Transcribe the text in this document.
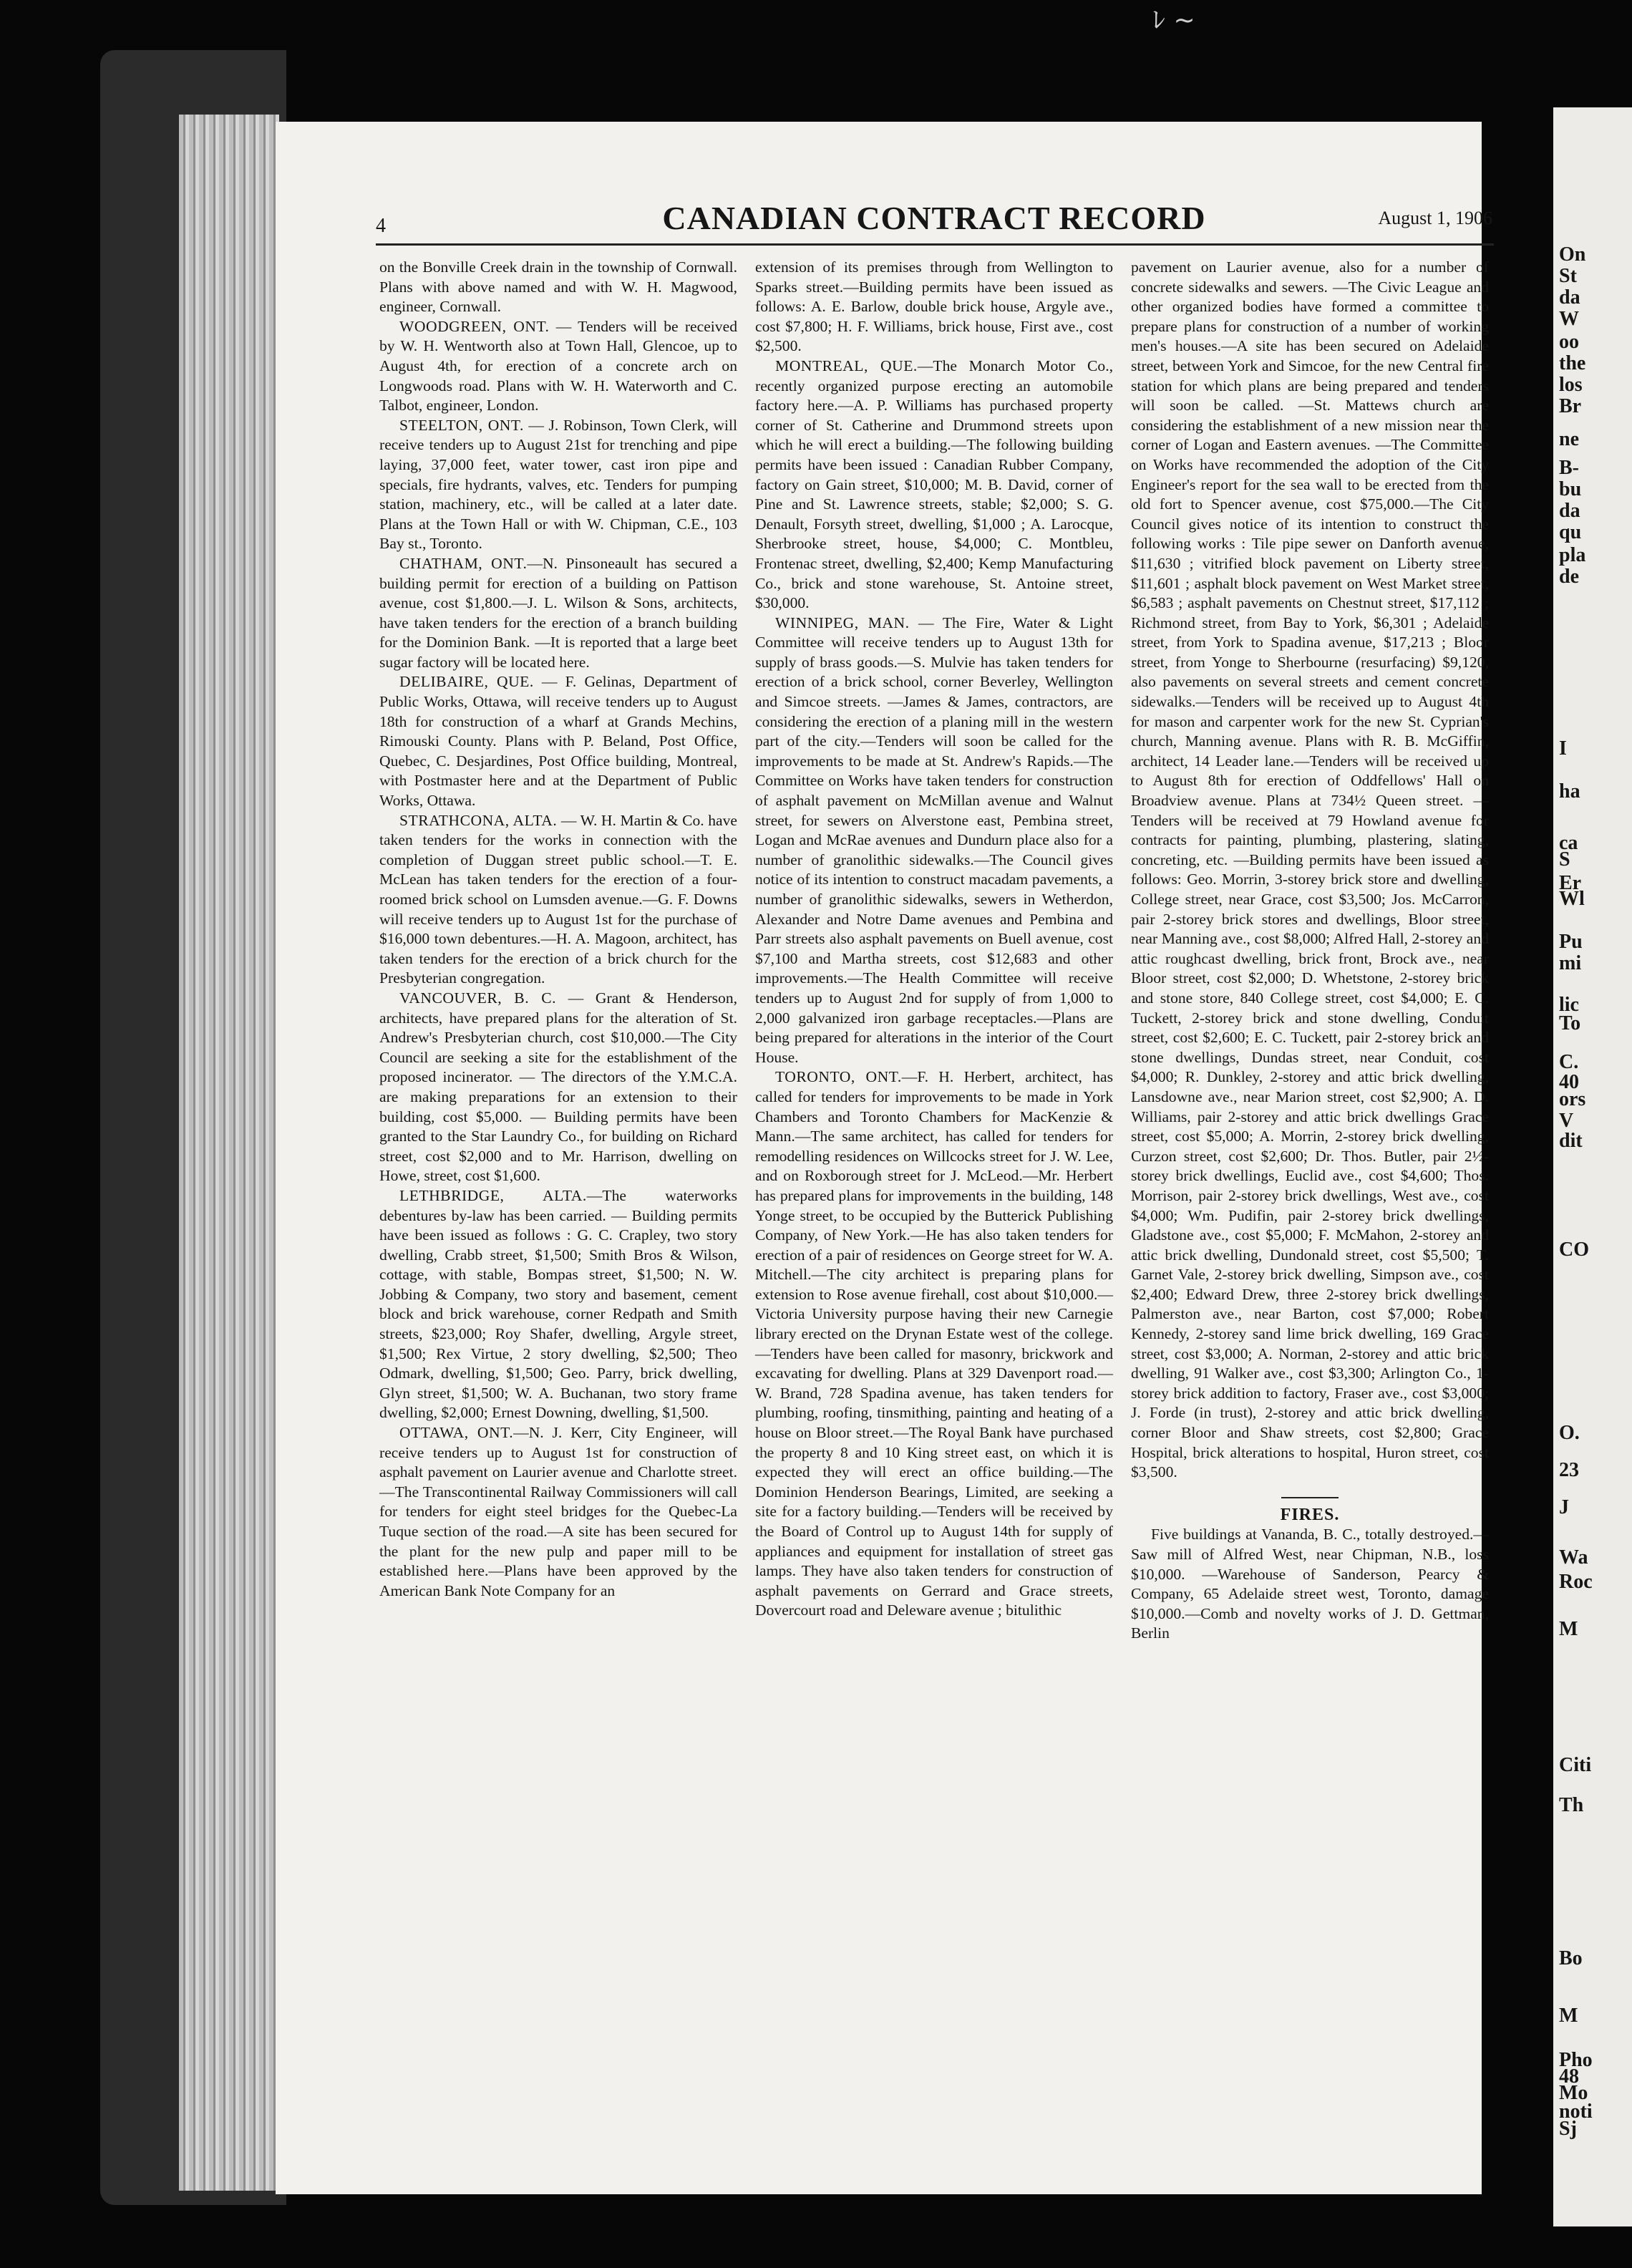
ﾚ ~
4	CANADIAN CONTRACT RECORD	August 1, 1906

on the Bonville Creek drain in the township of Cornwall. Plans with above named and with W. H. Magwood, engineer, Cornwall.

WOODGREEN, ONT. — Tenders will be received by W. H. Wentworth also at Town Hall, Glencoe, up to August 4th, for erection of a concrete arch on Longwoods road. Plans with W. H. Waterworth and C. Talbot, engineer, London.

STEELTON, ONT. — J. Robinson, Town Clerk, will receive tenders up to August 21st for trenching and pipe laying, 37,000 feet, water tower, cast iron pipe and specials, fire hydrants, valves, etc. Tenders for pumping station, machinery, etc., will be called at a later date. Plans at the Town Hall or with W. Chipman, C.E., 103 Bay st., Toronto.

CHATHAM, ONT.—N. Pinsoneault has secured a building permit for erection of a building on Pattison avenue, cost $1,800.—J. L. Wilson & Sons, architects, have taken tenders for the erection of a branch building for the Dominion Bank. —It is reported that a large beet sugar factory will be located here.

DELIBAIRE, QUE. — F. Gelinas, Department of Public Works, Ottawa, will receive tenders up to August 18th for construction of a wharf at Grands Mechins, Rimouski County. Plans with P. Beland, Post Office, Quebec, C. Desjardines, Post Office building, Montreal, with Postmaster here and at the Department of Public Works, Ottawa.

STRATHCONA, ALTA. — W. H. Martin & Co. have taken tenders for the works in connection with the completion of Duggan street public school.—T. E. McLean has taken tenders for the erection of a four-roomed brick school on Lumsden avenue.—G. F. Downs will receive tenders up to August 1st for the purchase of $16,000 town debentures.—H. A. Magoon, architect, has taken tenders for the erection of a brick church for the Presbyterian congregation.

VANCOUVER, B. C. — Grant & Henderson, architects, have prepared plans for the alteration of St. Andrew's Presbyterian church, cost $10,000.—The City Council are seeking a site for the establishment of the proposed incinerator. — The directors of the Y.M.C.A. are making preparations for an extension to their building, cost $5,000. — Building permits have been granted to the Star Laundry Co., for building on Richard street, cost $2,000 and to Mr. Harrison, dwelling on Howe, street, cost $1,600.

LETHBRIDGE, ALTA.—The waterworks debentures by-law has been carried. — Building permits have been issued as follows : G. C. Crapley, two story dwelling, Crabb street, $1,500; Smith Bros & Wilson, cottage, with stable, Bompas street, $1,500; N. W. Jobbing & Company, two story and basement, cement block and brick warehouse, corner Redpath and Smith streets, $23,000; Roy Shafer, dwelling, Argyle street, $1,500; Rex Virtue, 2 story dwelling, $2,500; Theo Odmark, dwelling, $1,500; Geo. Parry, brick dwelling, Glyn street, $1,500; W. A. Buchanan, two story frame dwelling, $2,000; Ernest Downing, dwelling, $1,500.

OTTAWA, ONT.—N. J. Kerr, City Engineer, will receive tenders up to August 1st for construction of asphalt pavement on Laurier avenue and Charlotte street.—The Transcontinental Railway Commissioners will call for tenders for eight steel bridges for the Quebec-La Tuque section of the road.—A site has been secured for the plant for the new pulp and paper mill to be established here.—Plans have been approved by the American Bank Note Company for an

extension of its premises through from Wellington to Sparks street.—Building permits have been issued as follows: A. E. Barlow, double brick house, Argyle ave., cost $7,800; H. F. Williams, brick house, First ave., cost $2,500.

MONTREAL, QUE.—The Monarch Motor Co., recently organized purpose erecting an automobile factory here.—A. P. Williams has purchased property corner of St. Catherine and Drummond streets upon which he will erect a building.—The following building permits have been issued : Canadian Rubber Company, factory on Gain street, $10,000; M. B. David, corner of Pine and St. Lawrence streets, stable; $2,000; S. G. Denault, Forsyth street, dwelling, $1,000 ; A. Larocque, Sherbrooke street, house, $4,000; C. Montbleu, Frontenac street, dwelling, $2,400; Kemp Manufacturing Co., brick and stone warehouse, St. Antoine street, $30,000.

WINNIPEG, MAN. — The Fire, Water & Light Committee will receive tenders up to August 13th for supply of brass goods.—S. Mulvie has taken tenders for erection of a brick school, corner Beverley, Wellington and Simcoe streets. —James & James, contractors, are considering the erection of a planing mill in the western part of the city.—Tenders will soon be called for the improvements to be made at St. Andrew's Rapids.—The Committee on Works have taken tenders for construction of asphalt pavement on McMillan avenue and Walnut street, for sewers on Alverstone east, Pembina street, Logan and McRae avenues and Dundurn place also for a number of granolithic sidewalks.—The Council gives notice of its intention to construct macadam pavements, a number of granolithic sidewalks, sewers in Wetherdon, Alexander and Notre Dame avenues and Pembina and Parr streets also asphalt pavements on Buell avenue, cost $7,100 and Martha streets, cost $12,683 and other improvements.—The Health Committee will receive tenders up to August 2nd for supply of from 1,000 to 2,000 galvanized iron garbage receptacles.—Plans are being prepared for alterations in the interior of the Court House.

TORONTO, ONT.—F. H. Herbert, architect, has called for tenders for improvements to be made in York Chambers and Toronto Chambers for MacKenzie & Mann.—The same architect, has called for tenders for remodelling residences on Willcocks street for J. W. Lee, and on Roxborough street for J. McLeod.—Mr. Herbert has prepared plans for improvements in the building, 148 Yonge street, to be occupied by the Butterick Publishing Company, of New York.—He has also taken tenders for erection of a pair of residences on George street for W. A. Mitchell.—The city architect is preparing plans for extension to Rose avenue firehall, cost about $10,000.—Victoria University purpose having their new Carnegie library erected on the Drynan Estate west of the college.—Tenders have been called for masonry, brickwork and excavating for dwelling. Plans at 329 Davenport road.—W. Brand, 728 Spadina avenue, has taken tenders for plumbing, roofing, tinsmithing, painting and heating of a house on Bloor street.—The Royal Bank have purchased the property 8 and 10 King street east, on which it is expected they will erect an office building.—The Dominion Henderson Bearings, Limited, are seeking a site for a factory building.—Tenders will be received by the Board of Control up to August 14th for supply of appliances and equipment for installation of street gas lamps. They have also taken tenders for construction of asphalt pavements on Gerrard and Grace streets, Dovercourt road and Deleware avenue ; bitulithic

pavement on Laurier avenue, also for a number of concrete sidewalks and sewers. —The Civic League and other organized bodies have formed a committee to prepare plans for construction of a number of working men's houses.—A site has been secured on Adelaide street, between York and Simcoe, for the new Central fire station for which plans are being prepared and tenders will soon be called. —St. Mattews church are considering the establishment of a new mission near the corner of Logan and Eastern avenues. —The Committee on Works have recommended the adoption of the City Engineer's report for the sea wall to be erected from the old fort to Spencer avenue, cost $75,000.—The City Council gives notice of its intention to construct the following works : Tile pipe sewer on Danforth avenue, $11,630 ; vitrified block pavement on Liberty street, $11,601 ; asphalt block pavement on West Market street, $6,583 ; asphalt pavements on Chestnut street, $17,112 ; Richmond street, from Bay to York, $6,301 ; Adelaide street, from York to Spadina avenue, $17,213 ; Bloor street, from Yonge to Sherbourne (resurfacing) $9,120, also pavements on several streets and cement concrete sidewalks.—Tenders will be received up to August 4th for mason and carpenter work for the new St. Cyprian's church, Manning avenue. Plans with R. B. McGiffin, architect, 14 Leader lane.—Tenders will be received up to August 8th for erection of Oddfellows' Hall on Broadview avenue. Plans at 734½ Queen street. — Tenders will be received at 79 Howland avenue for contracts for painting, plumbing, plastering, slating, concreting, etc. —Building permits have been issued as follows: Geo. Morrin, 3-storey brick store and dwelling, College street, near Grace, cost $3,500; Jos. McCarron, pair 2-storey brick stores and dwellings, Bloor street, near Manning ave., cost $8,000; Alfred Hall, 2-storey and attic roughcast dwelling, brick front, Brock ave., near Bloor street, cost $2,000; D. Whetstone, 2-storey brick and stone store, 840 College street, cost $4,000; E. C. Tuckett, 2-storey brick and stone dwelling, Conduit street, cost $2,600; E. C. Tuckett, pair 2-storey brick and stone dwellings, Dundas street, near Conduit, cost $4,000; R. Dunkley, 2-storey and attic brick dwelling, Lansdowne ave., near Marion street, cost $2,900; A. D. Williams, pair 2-storey and attic brick dwellings Grace street, cost $5,000; A. Morrin, 2-storey brick dwelling, Curzon street, cost $2,600; Dr. Thos. Butler, pair 2½-storey brick dwellings, Euclid ave., cost $4,600; Thos. Morrison, pair 2-storey brick dwellings, West ave., cost $4,000; Wm. Pudifin, pair 2-storey brick dwellings, Gladstone ave., cost $5,000; F. McMahon, 2-storey and attic brick dwelling, Dundonald street, cost $5,500; T. Garnet Vale, 2-storey brick dwelling, Simpson ave., cost $2,400; Edward Drew, three 2-storey brick dwellings, Palmerston ave., near Barton, cost $7,000; Robert Kennedy, 2-storey sand lime brick dwelling, 169 Grace street, cost $3,000; A. Norman, 2-storey and attic brick dwelling, 91 Walker ave., cost $3,300; Arlington Co., 1-storey brick addition to factory, Fraser ave., cost $3,000; J. Forde (in trust), 2-storey and attic brick dwelling, corner Bloor and Shaw streets, cost $2,800; Grace Hospital, brick alterations to hospital, Huron street, cost $3,500.

FIRES.

Five buildings at Vananda, B. C., totally destroyed.—Saw mill of Alfred West, near Chipman, N.B., loss $10,000. —Warehouse of Sanderson, Pearcy & Company, 65 Adelaide street west, Toronto, damage $10,000.—Comb and novelty works of J. D. Gettman, Berlin

On
St
da
W
oo
the
los
Br
ne
B-
bu
da
qu
pla
de
I
ha
ca
S
Er
Wl
Pu
mi
lic
To
C.
40
ors
V
dit
CO
O.
23
J
Wa
Roc
M
Citi
Th
Bo
M
Pho
48
Mo
noti
Sj
